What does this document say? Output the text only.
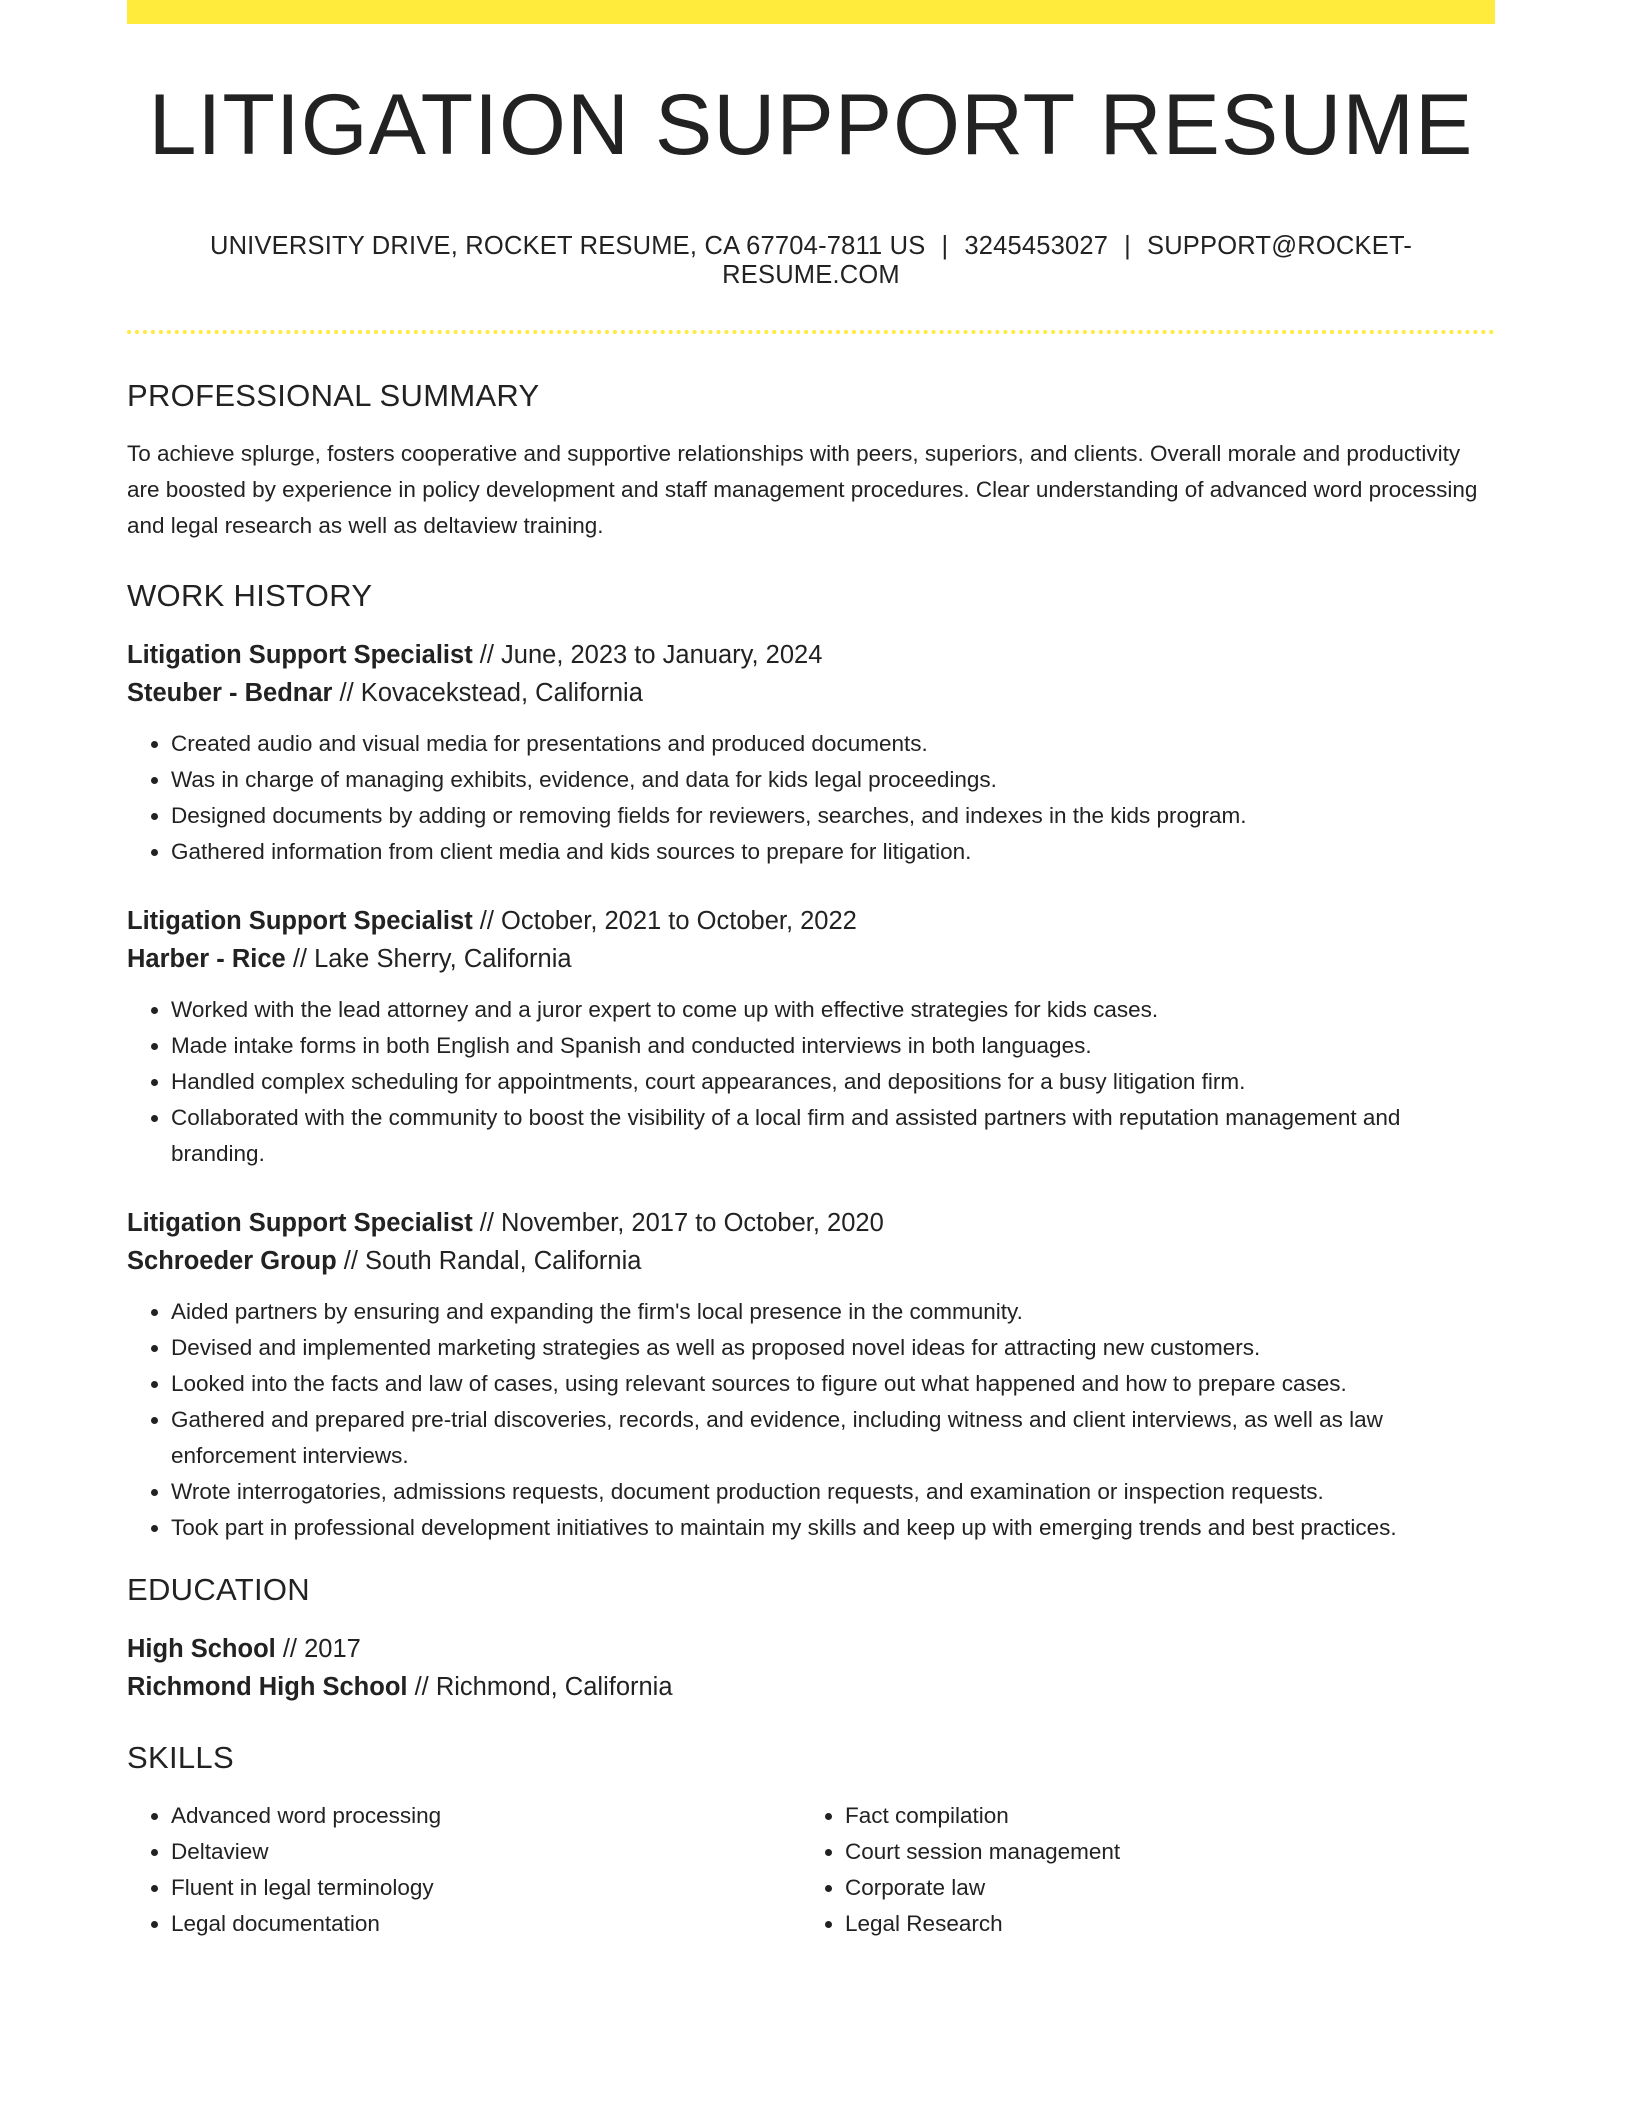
LITIGATION SUPPORT RESUME
UNIVERSITY DRIVE, ROCKET RESUME, CA 67704-7811 US | 3245453027 | SUPPORT@ROCKET-RESUME.COM
PROFESSIONAL SUMMARY
To achieve splurge, fosters cooperative and supportive relationships with peers, superiors, and clients. Overall morale and productivity are boosted by experience in policy development and staff management procedures. Clear understanding of advanced word processing and legal research as well as deltaview training.
WORK HISTORY
Litigation Support Specialist // June, 2023 to January, 2024
Steuber - Bednar // Kovacekstead, California
• Created audio and visual media for presentations and produced documents.
• Was in charge of managing exhibits, evidence, and data for kids legal proceedings.
• Designed documents by adding or removing fields for reviewers, searches, and indexes in the kids program.
• Gathered information from client media and kids sources to prepare for litigation.
Litigation Support Specialist // October, 2021 to October, 2022
Harber - Rice // Lake Sherry, California
• Worked with the lead attorney and a juror expert to come up with effective strategies for kids cases.
• Made intake forms in both English and Spanish and conducted interviews in both languages.
• Handled complex scheduling for appointments, court appearances, and depositions for a busy litigation firm.
• Collaborated with the community to boost the visibility of a local firm and assisted partners with reputation management and branding.
Litigation Support Specialist // November, 2017 to October, 2020
Schroeder Group // South Randal, California
• Aided partners by ensuring and expanding the firm's local presence in the community.
• Devised and implemented marketing strategies as well as proposed novel ideas for attracting new customers.
• Looked into the facts and law of cases, using relevant sources to figure out what happened and how to prepare cases.
• Gathered and prepared pre-trial discoveries, records, and evidence, including witness and client interviews, as well as law enforcement interviews.
• Wrote interrogatories, admissions requests, document production requests, and examination or inspection requests.
• Took part in professional development initiatives to maintain my skills and keep up with emerging trends and best practices.
EDUCATION
High School // 2017
Richmond High School // Richmond, California
SKILLS
• Advanced word processing
• Deltaview
• Fluent in legal terminology
• Legal documentation
• Fact compilation
• Court session management
• Corporate law
• Legal Research
